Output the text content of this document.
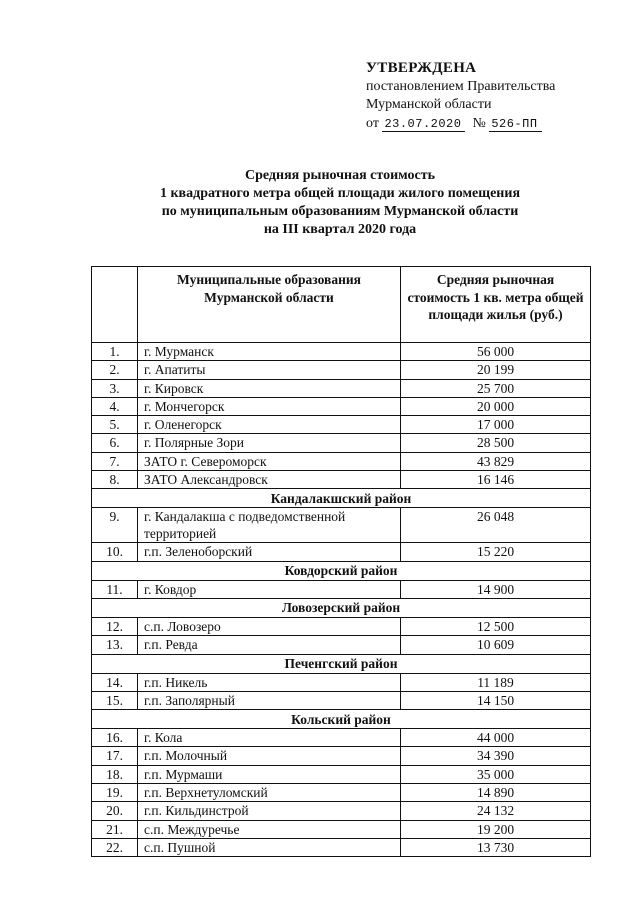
УТВЕРЖДЕНА
постановлением Правительства
Мурманской области
от 23.07.2020 № 526-ПП
Средняя рыночная стоимость
1 квадратного метра общей площади жилого помещения
по муниципальным образованиям Мурманской области
на III квартал 2020 года
	Муниципальные образования Мурманской области	Средняя рыночная стоимость 1 кв. метра общей площади жилья (руб.)
1.	г. Мурманск	56 000
2.	г. Апатиты	20 199
3.	г. Кировск	25 700
4.	г. Мончегорск	20 000
5.	г. Оленегорск	17 000
6.	г. Полярные Зори	28 500
7.	ЗАТО г. Североморск	43 829
8.	ЗАТО Александровск	16 146
Кандалакшский район		
9.	г. Кандалакша с подведомственной территорией	26 048
10.	г.п. Зеленоборский	15 220
Ковдорский район		
11.	г. Ковдор	14 900
Ловозерский район		
12.	с.п. Ловозеро	12 500
13.	г.п. Ревда	10 609
Печенгский район		
14.	г.п. Никель	11 189
15.	г.п. Заполярный	14 150
Кольский район		
16.	г. Кола	44 000
17.	г.п. Молочный	34 390
18.	г.п. Мурмаши	35 000
19.	г.п. Верхнетуломский	14 890
20.	г.п. Кильдинстрой	24 132
21.	с.п. Междуречье	19 200
22.	с.п. Пушной	13 730
